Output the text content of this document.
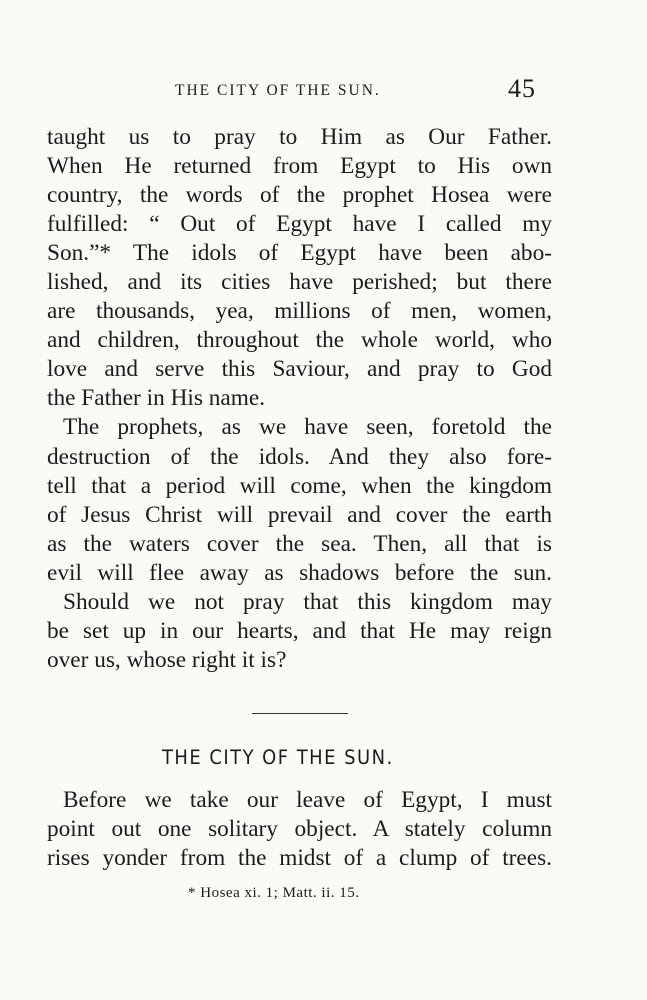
THE CITY OF THE SUN.	45
taught us to pray to Him as Our Father.
When He returned from Egypt to His own
country, the words of the prophet Hosea were
fulfilled: “ Out of Egypt have I called my
Son.”* The idols of Egypt have been abo-
lished, and its cities have perished; but there
are thousands, yea, millions of men, women,
and children, throughout the whole world, who
love and serve this Saviour, and pray to God
the Father in His name.
The prophets, as we have seen, foretold the
destruction of the idols. And they also fore-
tell that a period will come, when the kingdom
of Jesus Christ will prevail and cover the earth
as the waters cover the sea. Then, all that is
evil will flee away as shadows before the sun.
Should we not pray that this kingdom may
be set up in our hearts, and that He may reign
over us, whose right it is?
THE CITY OF THE SUN.
Before we take our leave of Egypt, I must
point out one solitary object. A stately column
rises yonder from the midst of a clump of trees.
* Hosea xi. 1; Matt. ii. 15.
